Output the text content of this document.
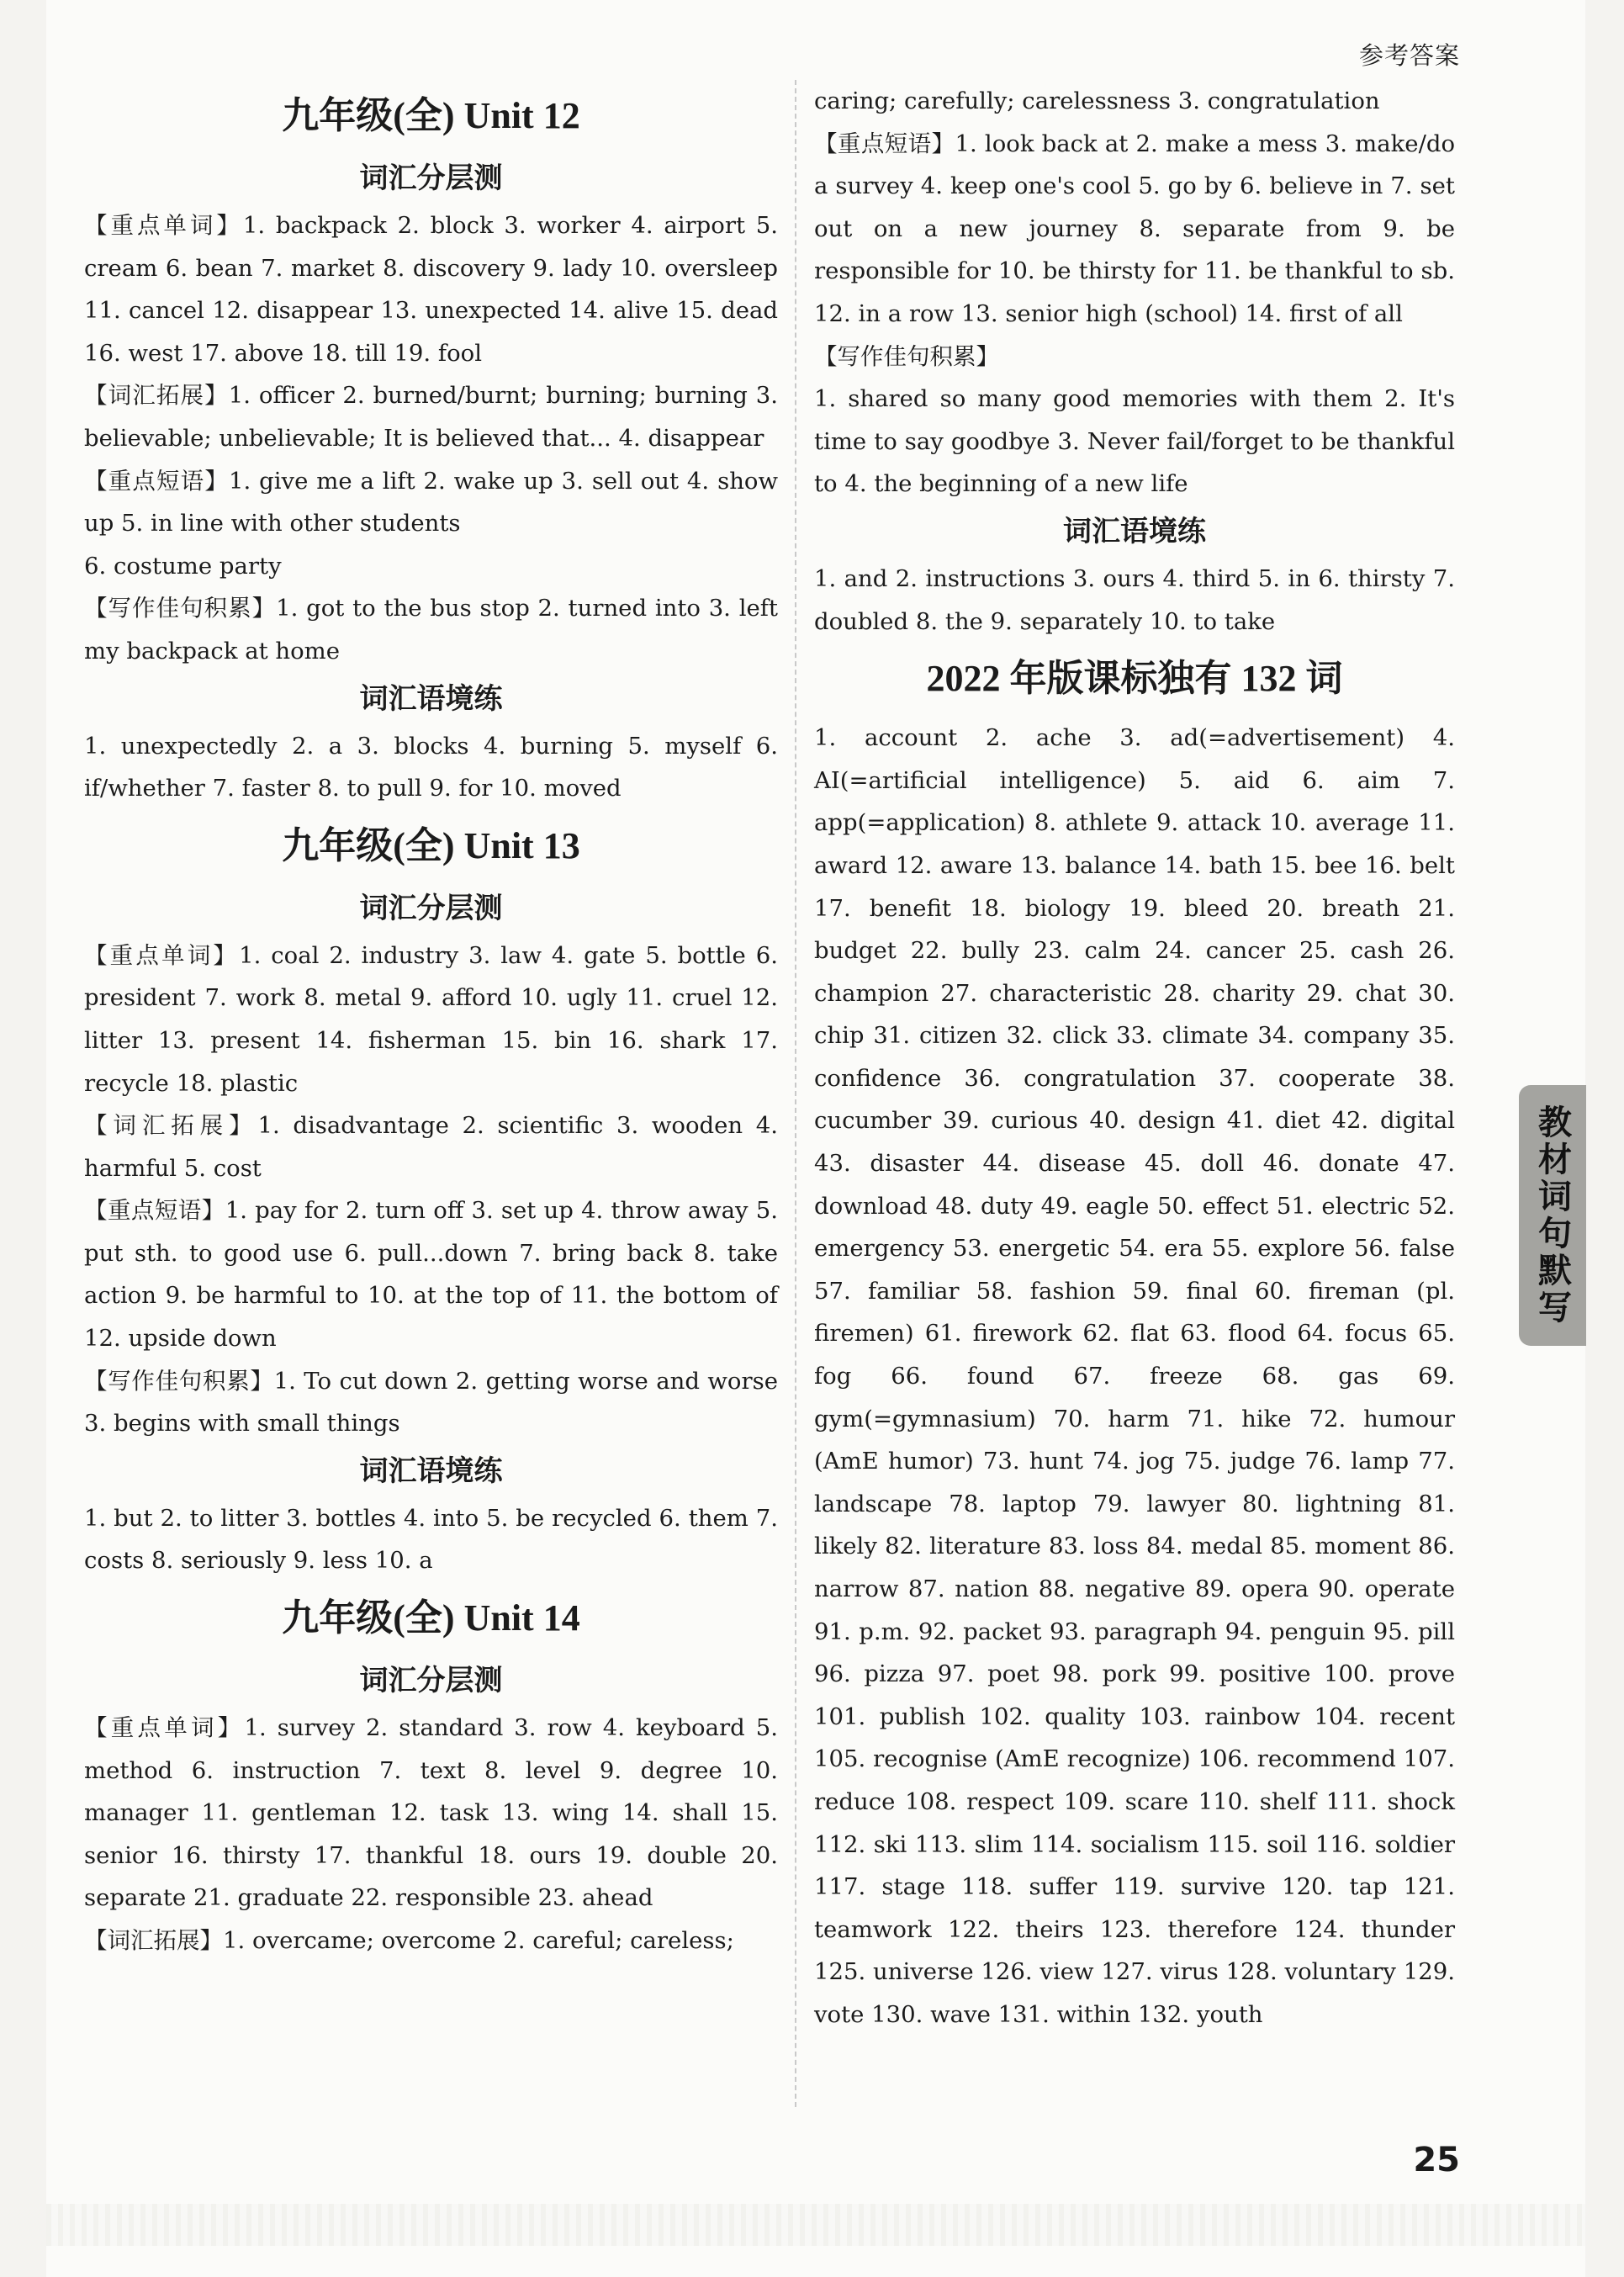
参考答案
九年级(全) Unit 12
词汇分层测
【重点单词】1. backpack 2. block 3. worker 4. airport 5. cream 6. bean 7. market 8. discovery 9. lady 10. oversleep 11. cancel 12. disappear 13. unexpected 14. alive 15. dead 16. west 17. above 18. till 19. fool
【词汇拓展】1. officer 2. burned/burnt; burning; burning 3. believable; unbelievable; It is believed that... 4. disappear
【重点短语】1. give me a lift 2. wake up 3. sell out 4. show up 5. in line with other students
6. costume party
【写作佳句积累】1. got to the bus stop 2. turned into 3. left my backpack at home
词汇语境练
1. unexpectedly 2. a 3. blocks 4. burning 5. myself 6. if/whether 7. faster 8. to pull 9. for 10. moved
九年级(全) Unit 13
词汇分层测
【重点单词】1. coal 2. industry 3. law 4. gate 5. bottle 6. president 7. work 8. metal 9. afford 10. ugly 11. cruel 12. litter 13. present 14. fisherman 15. bin 16. shark 17. recycle 18. plastic
【词汇拓展】1. disadvantage 2. scientific 3. wooden 4. harmful 5. cost
【重点短语】1. pay for 2. turn off 3. set up 4. throw away 5. put sth. to good use 6. pull...down 7. bring back 8. take action 9. be harmful to 10. at the top of 11. the bottom of 12. upside down
【写作佳句积累】1. To cut down 2. getting worse and worse 3. begins with small things
词汇语境练
1. but 2. to litter 3. bottles 4. into 5. be recycled 6. them 7. costs 8. seriously 9. less 10. a
九年级(全) Unit 14
词汇分层测
【重点单词】1. survey 2. standard 3. row 4. keyboard 5. method 6. instruction 7. text 8. level 9. degree 10. manager 11. gentleman 12. task 13. wing 14. shall 15. senior 16. thirsty 17. thankful 18. ours 19. double 20. separate 21. graduate 22. responsible 23. ahead
【词汇拓展】1. overcame; overcome 2. careful; careless;
caring; carefully; carelessness 3. congratulation
【重点短语】1. look back at 2. make a mess 3. make/do a survey 4. keep one's cool 5. go by 6. believe in 7. set out on a new journey 8. separate from 9. be responsible for 10. be thirsty for 11. be thankful to sb. 12. in a row 13. senior high (school) 14. first of all
【写作佳句积累】
1. shared so many good memories with them 2. It's time to say goodbye 3. Never fail/forget to be thankful to 4. the beginning of a new life
词汇语境练
1. and 2. instructions 3. ours 4. third 5. in 6. thirsty 7. doubled 8. the 9. separately 10. to take
2022 年版课标独有 132 词
1. account 2. ache 3. ad(=advertisement) 4. AI(=artificial intelligence) 5. aid 6. aim 7. app(=application) 8. athlete 9. attack 10. average 11. award 12. aware 13. balance 14. bath 15. bee 16. belt 17. benefit 18. biology 19. bleed 20. breath 21. budget 22. bully 23. calm 24. cancer 25. cash 26. champion 27. characteristic 28. charity 29. chat 30. chip 31. citizen 32. click 33. climate 34. company 35. confidence 36. congratulation 37. cooperate 38. cucumber 39. curious 40. design 41. diet 42. digital 43. disaster 44. disease 45. doll 46. donate 47. download 48. duty 49. eagle 50. effect 51. electric 52. emergency 53. energetic 54. era 55. explore 56. false 57. familiar 58. fashion 59. final 60. fireman (pl. firemen) 61. firework 62. flat 63. flood 64. focus 65. fog 66. found 67. freeze 68. gas 69. gym(=gymnasium) 70. harm 71. hike 72. humour (AmE humor) 73. hunt 74. jog 75. judge 76. lamp 77. landscape 78. laptop 79. lawyer 80. lightning 81. likely 82. literature 83. loss 84. medal 85. moment 86. narrow 87. nation 88. negative 89. opera 90. operate 91. p.m. 92. packet 93. paragraph 94. penguin 95. pill 96. pizza 97. poet 98. pork 99. positive 100. prove 101. publish 102. quality 103. rainbow 104. recent 105. recognise (AmE recognize) 106. recommend 107. reduce 108. respect 109. scare 110. shelf 111. shock 112. ski 113. slim 114. socialism 115. soil 116. soldier 117. stage 118. suffer 119. survive 120. tap 121. teamwork 122. theirs 123. therefore 124. thunder 125. universe 126. view 127. virus 128. voluntary 129. vote 130. wave 131. within 132. youth
教材词句默写
25
